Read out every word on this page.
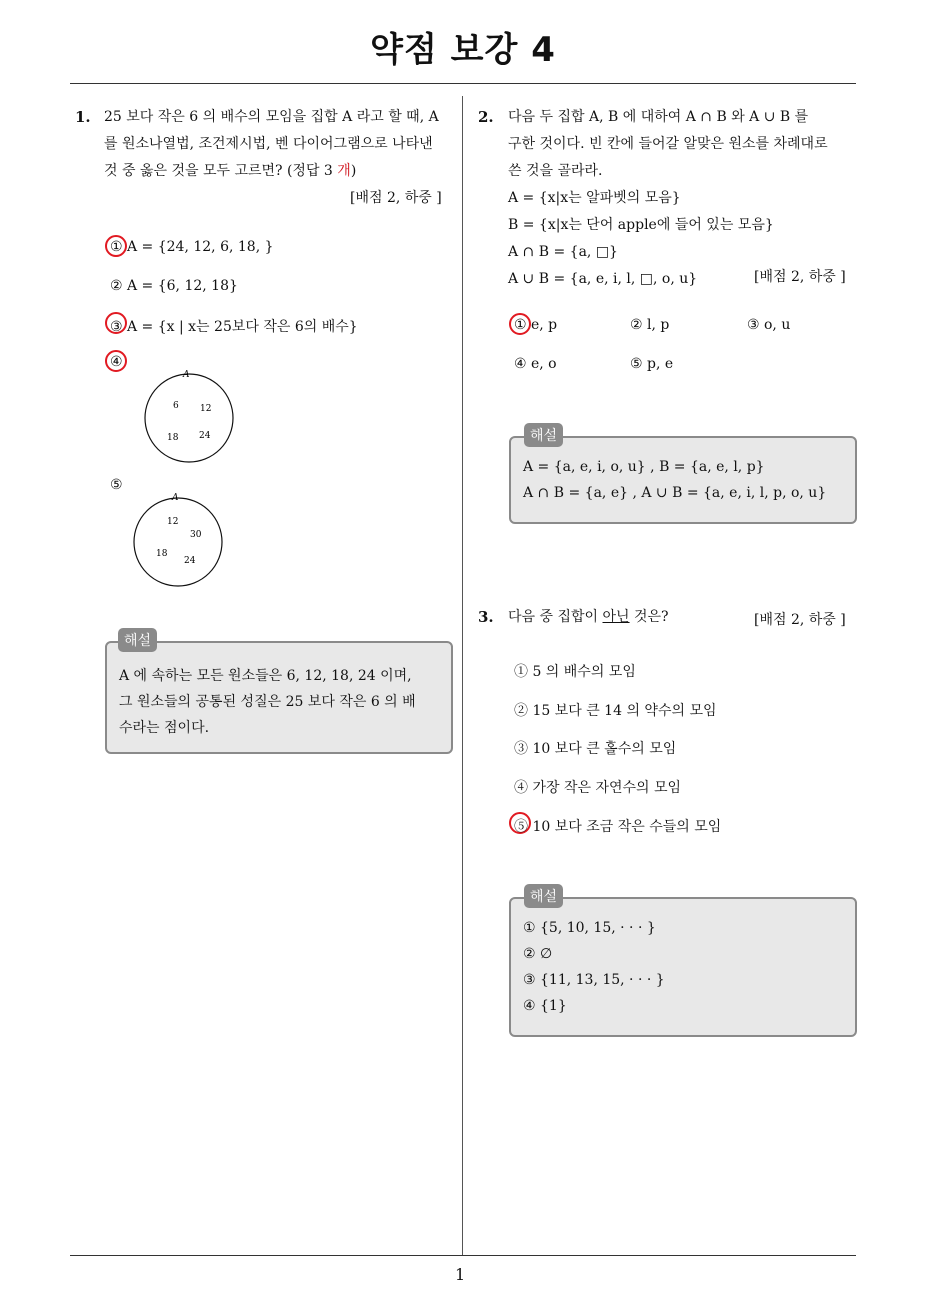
약점 보강 4
1
1. 25 보다 작은 6 의 배수의 모임을 집합 A 라고 할 때, A
를 원소나열법, 조건제시법, 벤 다이어그램으로 나타낸
것 중 옳은 것을 모두 고르면? (정답 3 개)
[배점 2, 하중 ]
① A = {24, 12, 6, 18, }
② A = {6, 12, 18}
③ A = {x | x는 25보다 작은 6의 배수}
④
A
6 12
18 24
⑤
A
12
30
18
24
A 에 속하는 모든 원소들은 6, 12, 18, 24 이며,
그 원소들의 공통된 성질은 25 보다 작은 6 의 배
수라는 점이다.
해설
2. 다음 두 집합 A, B 에 대하여 A ∩ B 와 A ∪ B 를
구한 것이다. 빈 칸에 들어갈 알맞은 원소를 차례대로
쓴 것을 골라라.
A = {x|x는 알파벳의 모음}
B = {x|x는 단어 apple에 들어 있는 모음}
A ∩ B = {a, □}
A ∪ B = {a, e, i, l, □, o, u}	[배점 2, 하중 ]
① e, p	② l, p	③ o, u
④ e, o	⑤ p, e
A = {a, e, i, o, u} , B = {a, e, l, p}
A ∩ B = {a, e} , A ∪ B = {a, e, i, l, p, o, u}
해설
3. 다음 중 집합이 아닌 것은?	[배점 2, 하중 ]
① 5 의 배수의 모임
② 15 보다 큰 14 의 약수의 모임
③ 10 보다 큰 홀수의 모임
④ 가장 작은 자연수의 모임
⑤ 10 보다 조금 작은 수들의 모임
① {5, 10, 15, · · · }
② ∅
③ {11, 13, 15, · · · }
④ {1}
해설
